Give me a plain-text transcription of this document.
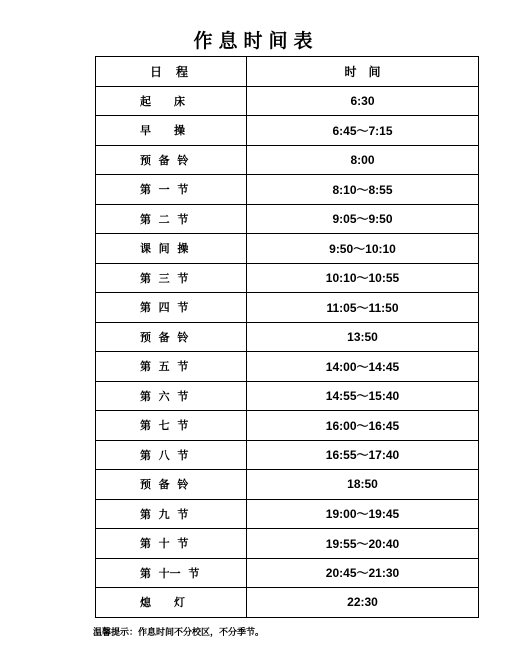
作息时间表
日程	时间
起      床	6:30
早      操	6:45～7:15
预  备  铃	8:00
第  一  节	8:10～8:55
第  二  节	9:05～9:50
课  间  操	9:50～10:10
第  三  节	10:10～10:55
第  四  节	11:05～11:50
预  备  铃	13:50
第  五  节	14:00～14:45
第  六  节	14:55～15:40
第  七  节	16:00～16:45
第  八  节	16:55～17:40
预  备  铃	18:50
第  九  节	19:00～19:45
第  十  节	19:55～20:40
第  十一  节	20:45～21:30
熄      灯	22:30
温馨提示：作息时间不分校区，不分季节。
